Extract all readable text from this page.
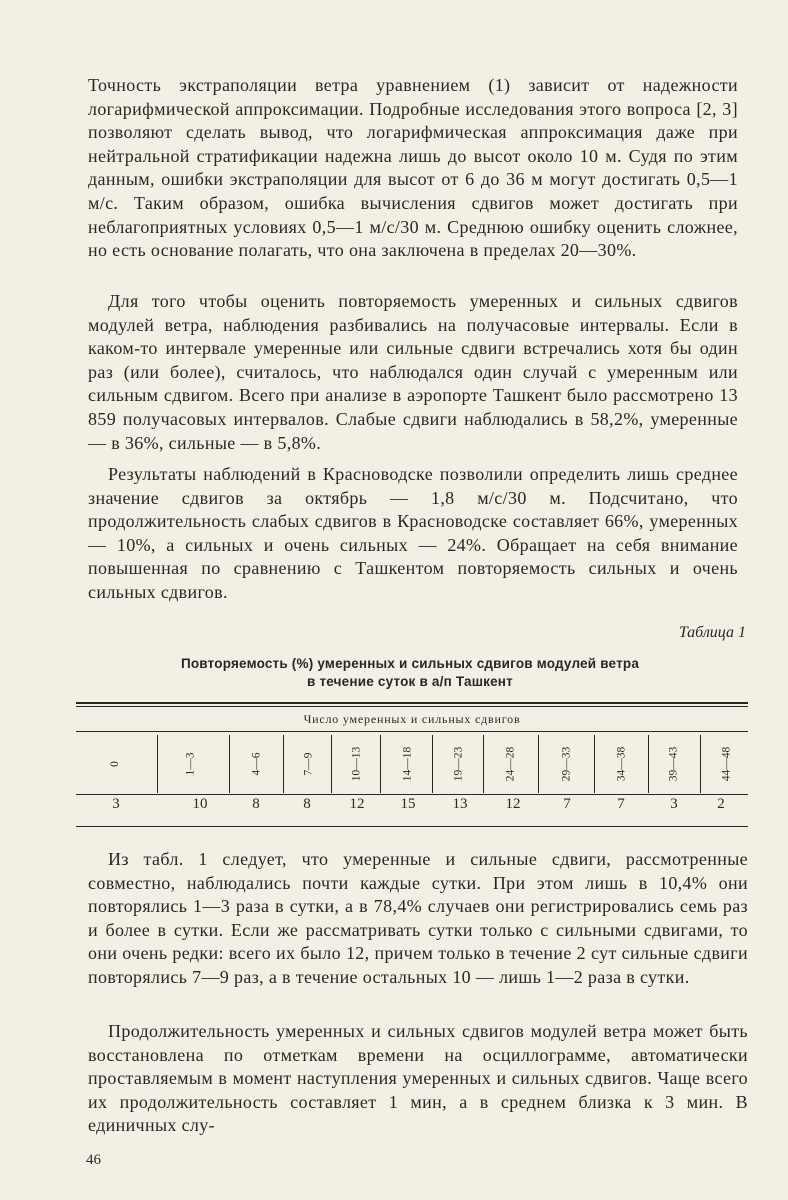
Точность экстраполяции ветра уравнением (1) зависит от надежности логарифмической аппроксимации. Подробные исследования этого вопроса [2, 3] позволяют сделать вывод, что логарифмическая аппроксимация даже при нейтральной стратификации надежна лишь до высот около 10 м. Судя по этим данным, ошибки экстраполяции для высот от 6 до 36 м могут достигать 0,5—1 м/с. Таким образом, ошибка вычисления сдвигов может достигать при неблагоприятных условиях 0,5—1 м/с/30 м. Среднюю ошибку оценить сложнее, но есть основание полагать, что она заключена в пределах 20—30%.

Для того чтобы оценить повторяемость умеренных и сильных сдвигов модулей ветра, наблюдения разбивались на получасовые интервалы. Если в каком-то интервале умеренные или сильные сдвиги встречались хотя бы один раз (или более), считалось, что наблюдался один случай с умеренным или сильным сдвигом. Всего при анализе в аэропорте Ташкент было рассмотрено 13 859 получасовых интервалов. Слабые сдвиги наблюдались в 58,2%, умеренные — в 36%, сильные — в 5,8%.

Результаты наблюдений в Красноводске позволили определить лишь среднее значение сдвигов за октябрь — 1,8 м/с/30 м. Подсчитано, что продолжительность слабых сдвигов в Красноводске составляет 66%, умеренных — 10%, а сильных и очень сильных — 24%. Обращает на себя внимание повышенная по сравнению с Ташкентом повторяемость сильных и очень сильных сдвигов.

Таблица 1
Повторяемость (%) умеренных и сильных сдвигов модулей ветра
в течение суток в а/п Ташкент
Число умеренных и сильных сдвигов
0	1—3	4—6	7—9	10—13	14—18	19—23	24—28	29—33	34—38	39—43	44—48
3	10	8	8	12	15	13	12	7	7	3	2

Из табл. 1 следует, что умеренные и сильные сдвиги, рассмотренные совместно, наблюдались почти каждые сутки. При этом лишь в 10,4% они повторялись 1—3 раза в сутки, а в 78,4% случаев они регистрировались семь раз и более в сутки. Если же рассматривать сутки только с сильными сдвигами, то они очень редки: всего их было 12, причем только в течение 2 сут сильные сдвиги повторялись 7—9 раз, а в течение остальных 10 — лишь 1—2 раза в сутки.

Продолжительность умеренных и сильных сдвигов модулей ветра может быть восстановлена по отметкам времени на осциллограмме, автоматически проставляемым в момент наступления умеренных и сильных сдвигов. Чаще всего их продолжительность составляет 1 мин, а в среднем близка к 3 мин. В единичных слу-

46
